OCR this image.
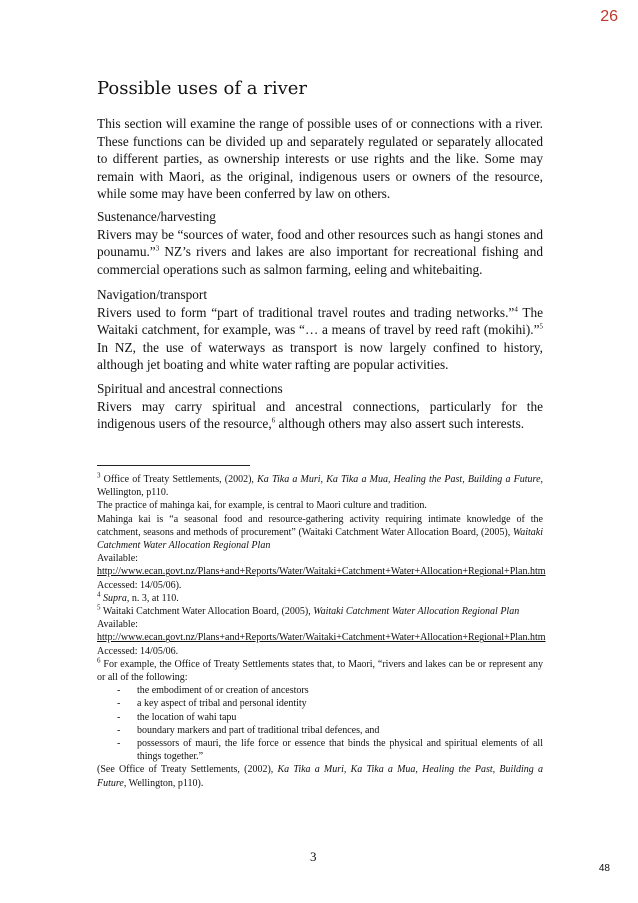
26
Possible uses of a river

This section will examine the range of possible uses of or connections with a river. These functions can be divided up and separately regulated or separately allocated to different parties, as ownership interests or use rights and the like. Some may remain with Maori, as the original, indigenous users or owners of the resource, while some may have been conferred by law on others.

Sustenance/harvesting

Rivers may be “sources of water, food and other resources such as hangi stones and pounamu.”$^3$ NZ’s rivers and lakes are also important for recreational fishing and commercial operations such as salmon farming, eeling and whitebaiting.

Navigation/transport

Rivers used to form “part of traditional travel routes and trading networks.”$^4$ The Waitaki catchment, for example, was “… a means of travel by reed raft (mokihi).”$^5$ In NZ, the use of waterways as transport is now largely confined to history, although jet boating and white water rafting are popular activities.

Spiritual and ancestral connections

Rivers may carry spiritual and ancestral connections, particularly for the indigenous users of the resource,$^6$ although others may also assert such interests.

$^3$ Office of Treaty Settlements, (2002), Ka Tika a Muri, Ka Tika a Mua, Healing the Past, Building a Future, Wellington, p110.

The practice of mahinga kai, for example, is central to Maori culture and tradition.

Mahinga kai is “a seasonal food and resource-gathering activity requiring intimate knowledge of the catchment, seasons and methods of procurement” (Waitaki Catchment Water Allocation Board, (2005), Waitaki Catchment Water Allocation Regional Plan

Available:

http://www.ecan.govt.nz/Plans+and+Reports/Water/Waitaki+Catchment+Water+Allocation+Regional+Plan.htm

Accessed: 14/05/06).

$^4$ Supra, n. 3, at 110.

$^5$ Waitaki Catchment Water Allocation Board, (2005), Waitaki Catchment Water Allocation Regional Plan

Available:

http://www.ecan.govt.nz/Plans+and+Reports/Water/Waitaki+Catchment+Water+Allocation+Regional+Plan.htm

Accessed: 14/05/06.

$^6$ For example, the Office of Treaty Settlements states that, to Maori, “rivers and lakes can be or represent any or all of the following:

- the embodiment of or creation of ancestors
- a key aspect of tribal and personal identity
- the location of wahi tapu
- boundary markers and part of traditional tribal defences, and
- possessors of mauri, the life force or essence that binds the physical and spiritual elements of all things together.”

(See Office of Treaty Settlements, (2002), Ka Tika a Muri, Ka Tika a Mua, Healing the Past, Building a Future, Wellington, p110).

3
48
